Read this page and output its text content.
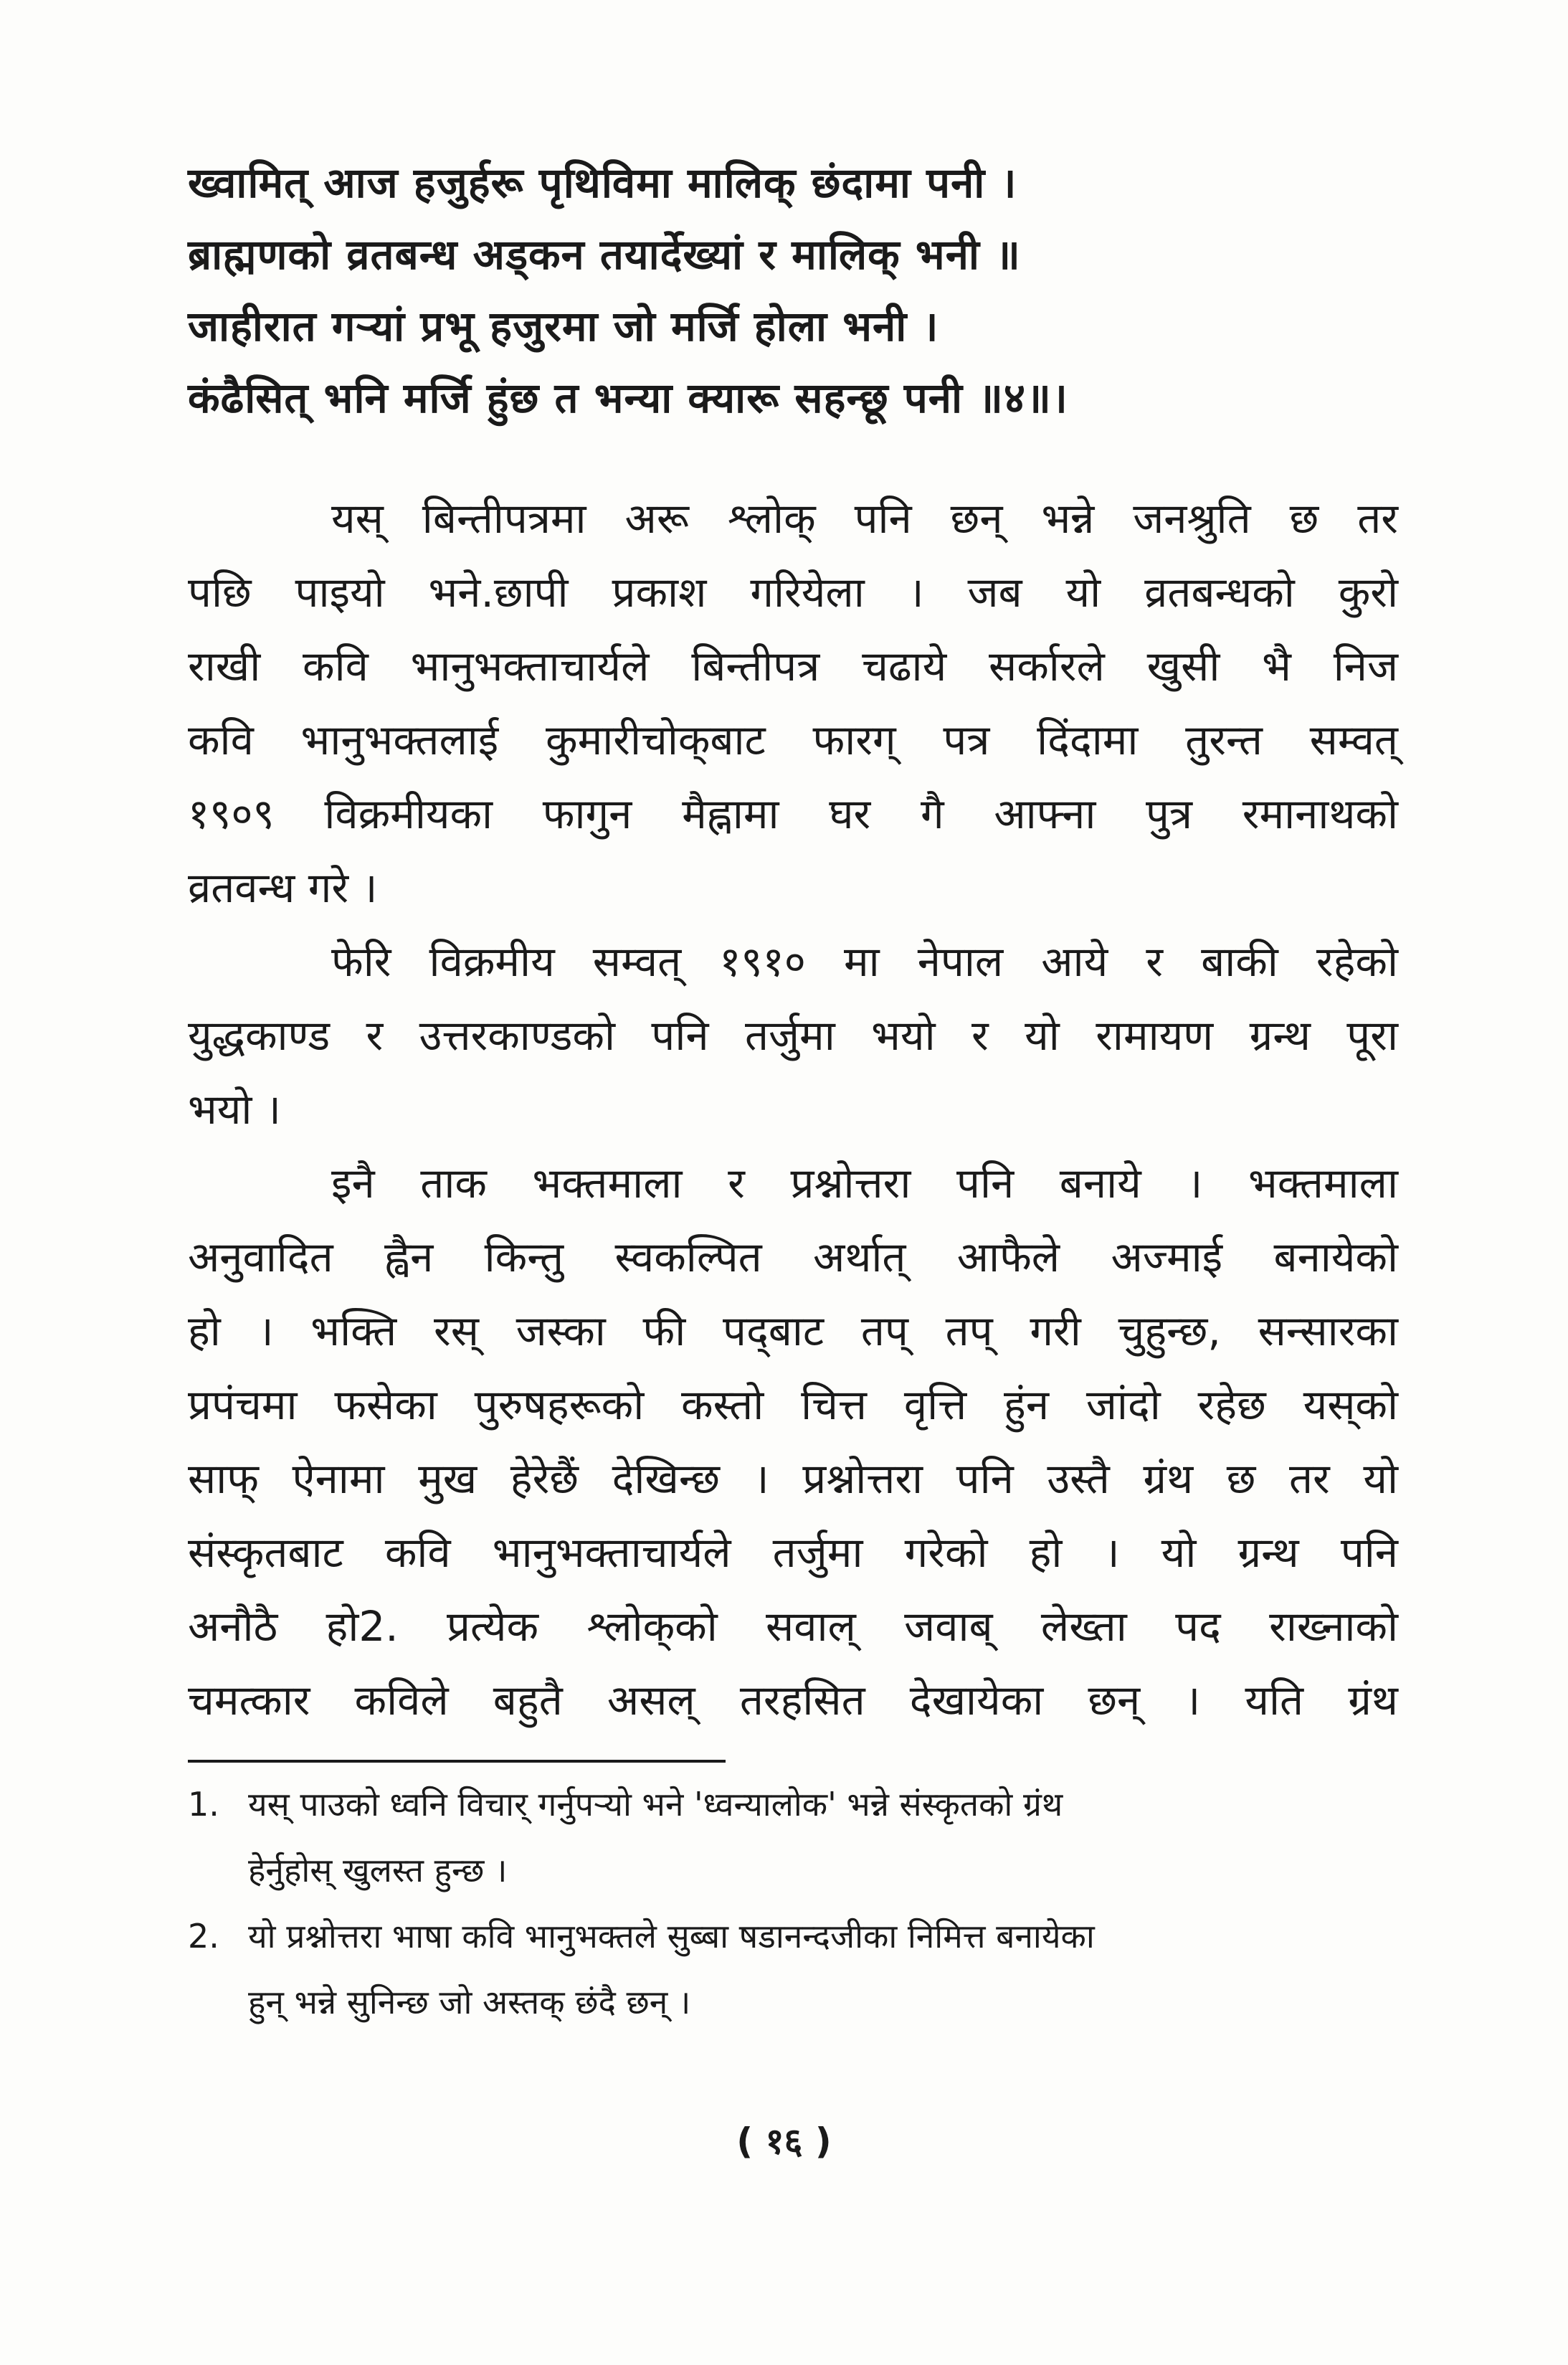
ख्वामित् आज हजुर्हरू पृथिविमा मालिक् छंदामा पनी ।
ब्राह्मणको व्रतबन्ध अड्कन तयार्देख्यां र मालिक् भनी ॥
जाहीरात गर्‍यां प्रभू हजुरमा जो मर्जि होला भनी ।
कंढैसित् भनि मर्जि हुंछ त भन्या क्यारू सहन्छू पनी ॥४॥।
यस् बिन्तीपत्रमा अरू श्लोक् पनि छन् भन्ने जनश्रुति छ तर
पछि पाइयो भने.छापी प्रकाश गरियेला । जब यो व्रतबन्धको कुरो
राखी कवि भानुभक्ताचार्यले बिन्तीपत्र चढाये सर्कारले खुसी भै निज
कवि भानुभक्तलाई कुमारीचोक्‌बाट फारग् पत्र दिंदामा तुरन्त सम्वत्
१९०९ विक्रमीयका फागुन मैह्नामा घर गै आफ्ना पुत्र रमानाथको
व्रतवन्ध गरे ।
फेरि विक्रमीय सम्वत् १९१० मा नेपाल आये र बाकी रहेको
युद्धकाण्ड र उत्तरकाण्डको पनि तर्जुमा भयो र यो रामायण ग्रन्थ पूरा
भयो ।
इनै ताक भक्तमाला र प्रश्नोत्तरा पनि बनाये । भक्तमाला
अनुवादित ह्वैन किन्तु स्वकल्पित अर्थात् आफैले अज्माई बनायेको
हो । भक्ति रस् जस्का फी पद्‌बाट तप् तप् गरी चुहुन्छ, सन्सारका
प्रपंचमा फसेका पुरुषहरूको कस्तो चित्त वृत्ति हुंन जांदो रहेछ यस्‌को
साफ् ऐनामा मुख हेरेछैं देखिन्छ । प्रश्नोत्तरा पनि उस्तै ग्रंथ छ तर यो
संस्कृतबाट कवि भानुभक्ताचार्यले तर्जुमा गरेको हो । यो ग्रन्थ पनि
अनौठै हो2. प्रत्येक श्लोक्‌को सवाल् जवाब् लेख्ता पद राख्नाको
चमत्कार कविले बहुतै असल् तरहसित देखायेका छन् । यति ग्रंथ
1. यस् पाउको ध्वनि विचार् गर्नुपर्‍यो भने 'ध्वन्यालोक' भन्ने संस्कृतको ग्रंथ
हेर्नुहोस् खुलस्त हुन्छ ।
2. यो प्रश्नोत्तरा भाषा कवि भानुभक्तले सुब्बा षडानन्दजीका निमित्त बनायेका
हुन् भन्ने सुनिन्छ जो अस्तक् छंदै छन् ।
( १६ )
